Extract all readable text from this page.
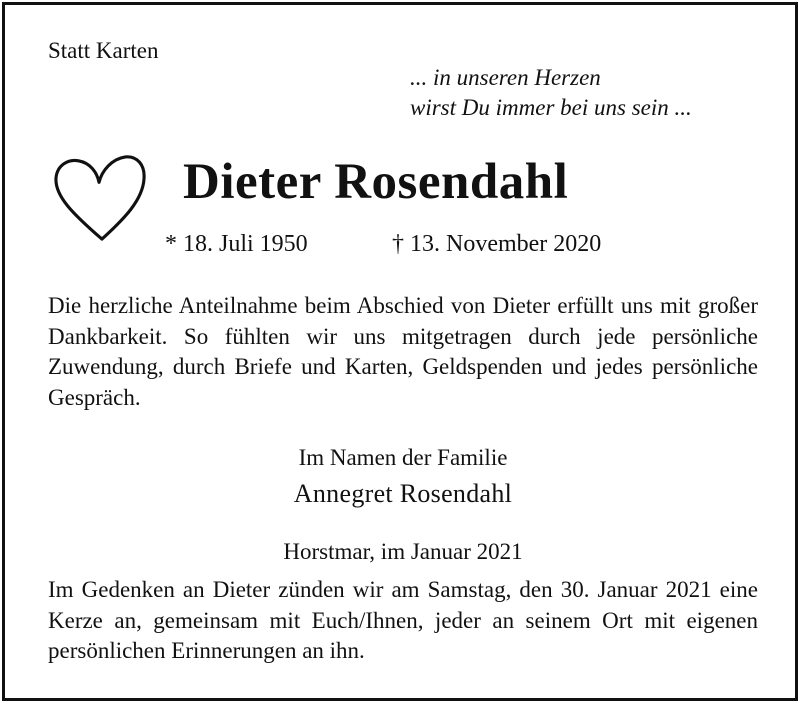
Statt Karten
... in unseren Herzen
wirst Du immer bei uns sein ...
Dieter Rosendahl
* 18. Juli 1950	† 13. November 2020
Die herzliche Anteilnahme beim Abschied von Dieter erfüllt uns mit großer Dankbarkeit. So fühlten wir uns mitgetragen durch jede persönliche Zuwendung, durch Briefe und Karten, Geldspenden und jedes persönliche Gespräch.
Im Namen der Familie
Annegret Rosendahl
Horstmar, im Januar 2021
Im Gedenken an Dieter zünden wir am Samstag, den 30. Januar 2021 eine Kerze an, gemeinsam mit Euch/Ihnen, jeder an seinem Ort mit eigenen persönlichen Erinnerungen an ihn.
